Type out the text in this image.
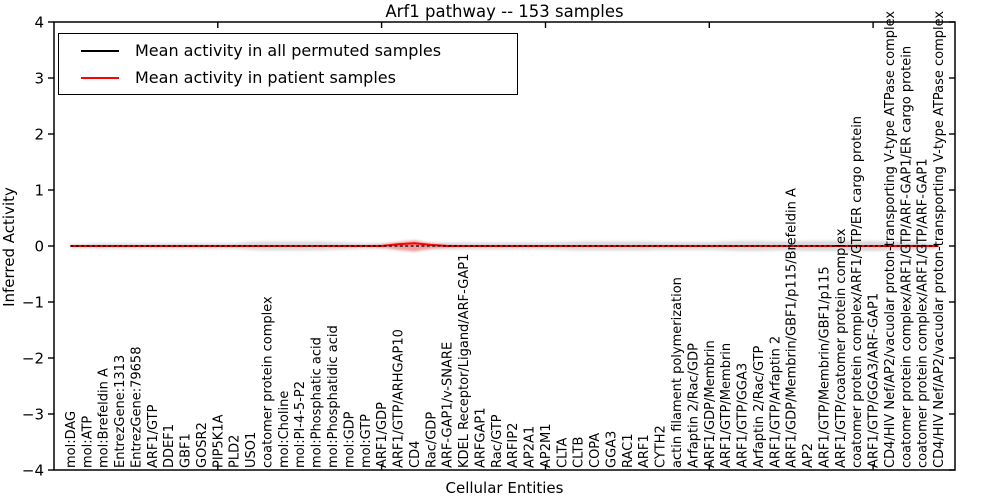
Arf1 pathway -- 153 samples
4
3
2
1
0
−1
−2
−3
−4
mol:DAG mol:ATP mol:Brefeldin A EntrezGene:1313 EntrezGene:79658 ARF1/GTP DDEF1 GBF1 GOSR2 PIP5K1A PLD2 USO1 coatomer protein complex mol:Choline mol:PI-4-5-P2 mol:Phosphatic acid mol:Phosphatidic acid mol:GDP mol:GTP ARF1/GDP ARF1/GTP/ARHGAP10 CD4 Rac/GDP ARF-GAP1/v-SNARE KDEL Receptor/Ligand/ARF-GAP1 ARFGAP1 Rac/GTP ARFIP2 AP2A1 AP2M1 CLTA CLTB COPA GGA3 RAC1 ARF1 CYTH2 actin filament polymerization Arfaptin 2/Rac/GDP ARF1/GDP/Membrin ARF1/GTP/Membrin ARF1/GTP/GGA3 Arfaptin 2/Rac/GTP ARF1/GTP/Arfaptin 2 ARF1/GDP/Membrin/GBF1/p115/Brefeldin A AP2 ARF1/GTP/Membrin/GBF1/p115 ARF1/GTP/coatomer protein complex coatomer protein complex/ARF1/GTP/ER cargo protein ARF1/GTP/GGA3/ARF-GAP1 CD4/HIV Nef/AP2/vacuolar proton-transporting V-type ATPase complex coatomer protein complex/ARF1/GTP/ARF-GAP1/ER cargo protein coatomer protein complex/ARF1/GTP/ARF-GAP1 CD4/HIV Nef/AP2/vacuolar proton-transporting V-type ATPase complex
Inferred Activity
Cellular Entities
Mean activity in all permuted samples
Mean activity in patient samples
